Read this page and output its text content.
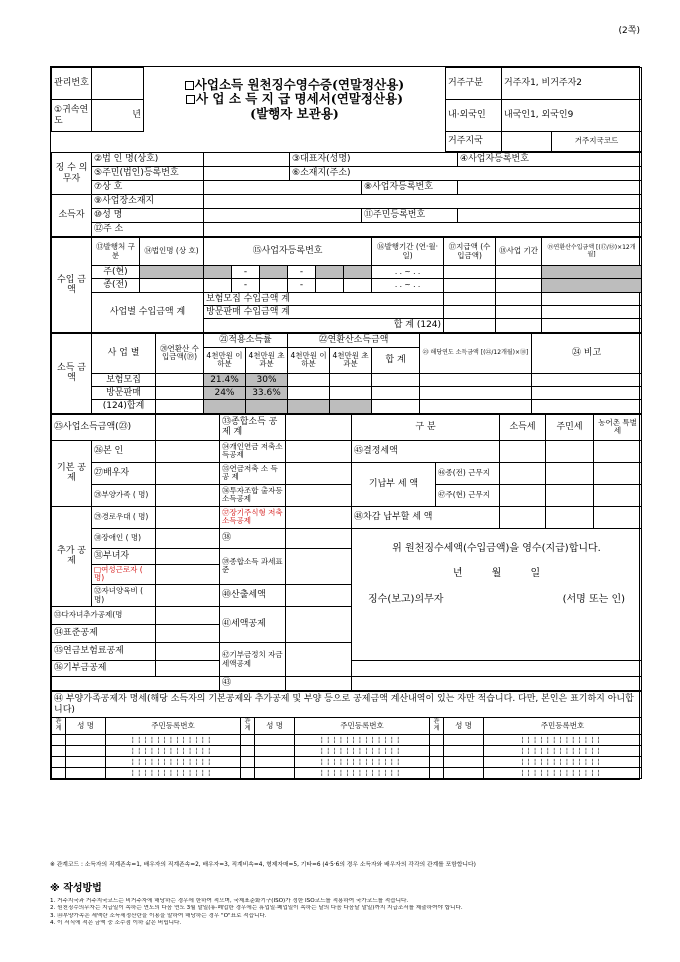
(2쪽)
관리번호		사업소득 원천징수영수증(연말정산용)
사 업 소 득 지 급 명세서(연말정산용)
(발행자 보관용)	거주구분	거주자1, 비거주자2	
①귀속연도	년		내·외국인	내국인1, 외국인9	
			거주지국		거주지국코드
징 수 의무자	②법 인 명(상호)		③대표자(성명)		④사업자등록번호
	⑤주민(법인)등록번호		⑥소재지(주소)		
	⑦상 호			⑧사업자등록번호	
소득자	⑨사업장소재지				
	⑩성 명			⑪주민등록번호	
	⑫주 소				
수입 금액	⑬발행처 구 분	⑭법인명 (상 호)	⑮사업자등록번호						⑯발행기간 (연·월·일)	⑰지급액 (수입금액)	⑱사업 기간	⑲연환산수입금액 [(⑰/⑱)×12개월]
	주(현)			-		-			. . ~ . .			
	종(전)			-		-			. . ~ . .			
	사업별 수입금액 계		보험모집 수입금액 계									
			방문판매 수입금액 계									
			합 계 (124)									
소득 금액	사 업 별	⑳연환산 수입금액(⑲)	㉑적용소득률		㉒연환산소득금액			㉓ 해당연도 소득금액 [(㉒/12개월)×⑱]	㉔ 비고
			4천만원 이하분	4천만원 초과분	4천만원 이하분	4천만원 초과분	합 계		
	보험모집		21.4%	30%					
	방문판매		24%	33.6%					
	(124)합계								
㉕사업소득금액(㉓)			㉝종합소득 공 제 계		구 분		소득세	주민세	농어촌 특별세	
기본 공제	㉖본 인		㉞개인연금 저축소득공제		㊺결정세액					
	㉗배우자		㉟연금저축 소 득 공 제		기납부 세 액	㊻종(전) 근무지				
	㉘부양가족 ( 명)		㊱투자조합 출자등소득공제			㊼주(현) 근무지				
추가 공제	㉙경로우대 ( 명)		㊲장기주식형 저축소득공제		㊽차감 납부할 세 액					
	㉚장애인 ( 명)		㊳		위 원천징수세액(수입금액)을 영수(지급)합니다.
년 월 일
징수(보고)의무자 (서명 또는 인)					

	㉛부녀자		㊴종합소득 과세표준							
	□여성근로자 ( 명)									
	㉜자녀양육비 ( 명)		㊵산출세액							
㉝다자녀추가공제(명			㊶세액공제							
㉞표준공제										
㉟연금보험료공제			㊷기부금정치 자금세액공제							
㊱기부금공제										
			㊸							
㊹ 부양가족공제자 명세(해당 소득자의 기본공제와 추가공제 및 부양 등으로 공제금액 계산내역이 있는 자만 적습니다. 다만, 본인은 표기하지 아니합니다)								
관계	성 명	주민등록번호	관계	성 명	주민등록번호	관계	성 명	주민등록번호
		¦¦¦¦¦¦¦¦¦¦¦¦¦			¦¦¦¦¦¦¦¦¦¦¦¦¦			¦¦¦¦¦¦¦¦¦¦¦¦¦
		¦¦¦¦¦¦¦¦¦¦¦¦¦			¦¦¦¦¦¦¦¦¦¦¦¦¦			¦¦¦¦¦¦¦¦¦¦¦¦¦
		¦¦¦¦¦¦¦¦¦¦¦¦¦			¦¦¦¦¦¦¦¦¦¦¦¦¦			¦¦¦¦¦¦¦¦¦¦¦¦¦
		¦¦¦¦¦¦¦¦¦¦¦¦¦			¦¦¦¦¦¦¦¦¦¦¦¦¦			¦¦¦¦¦¦¦¦¦¦¦¦¦
※ 관계코드 : 소득자의 직계존속=1, 배우자의 직계존속=2, 배우자=3, 직계비속=4, 형제자매=5, 기타=6 (4·5·6의 경우 소득자와 배우자의 각각의 관계를 포함합니다)
※ 작성방법
1. 거주지국과 거주지국코드는 비거주자에 해당하는 경우에 한하여 적으며, 국제표준화기구(ISO)가 정한 ISO코드를 적용하여 국가코드를 적습니다.
2. 원천징수의무자는 지급일이 속하는 연도의 다음 연도 3월 말일(휴·폐업한 경우에는 휴업일·폐업일이 속하는 달의 다음 다음달 말일)까지 지급조서를 제출하여야 합니다.
3. ㊹부양가족은 세액란 소득세정산란을 이용을 말하여 해당하는 경우 "O"표로 적습니다.
4. 이 서식에 적은 금액 중 소수점 이하 값은 버립니다.
